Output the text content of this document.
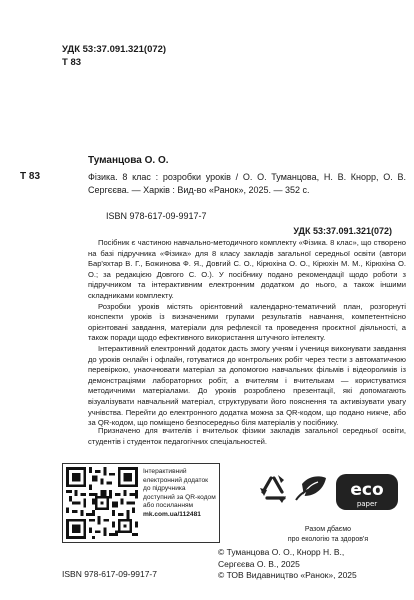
УДК 53:37.091.321(072)
Т 83
Туманцова О. О.
Т 83	Фізика. 8 клас : розробки уроків / О. О. Туманцова, Н. В. Кнорр, О. В. Сергєєва. — Харків : Вид-во «Ранок», 2025. — 352 с.
ISBN 978-617-09-9917-7
УДК 53:37.091.321(072)

Посібник є частиною навчально-методичного комплекту «Фізика. 8 клас», що створено на базі підручника «Фізика» для 8 класу закладів загальної середньої освіти (автори Бар'яхтар В. Г., Божинова Ф. Я., Довгий С. О., Кірюхіна О. О., Кірюхін М. М., Кірюхіна О. О.; за редакцією Довгого С. О.). У посібнику подано рекомендації щодо роботи з підручником та інтерактивним електронним додатком до нього, а також іншими складниками комплекту.

Розробки уроків містять орієнтовний календарно-тематичний план, розгорнуті конспекти уроків із визначеними групами результатів навчання, компетентнісно орієнтовані завдання, матеріали для рефлексії та проведення проєктної діяльності, а також поради щодо ефективного використання штучного інтелекту.

Інтерактивний електронний додаток дасть змогу учням і учениця виконувати завдання до уроків онлайн і офлайн, готуватися до контрольних робіт через тести з автоматичною перевіркою, унаочнювати матеріал за допомогою навчальних фільмів і відеороликів із демонстраціями лабораторних робіт, а вчителям і вчителькам — користуватися методичними матеріалами. До уроків розроблено презентації, які допомагають візуалізувати навчальний матеріал, структурувати його пояснення та активізувати увагу учнівства. Перейти до електронного додатка можна за QR-кодом, що подано нижче, або за QR-кодом, що поміщено безпосередньо біля матеріалів у посібнику.

Призначено для вчителів і вчительок фізики закладів загальної середньої освіти, студентів і студенток педагогічних спеціальностей.
Інтерактивний
електронний додаток
до підручника
доступний за QR-кодом
або посиланням
mk.com.ua/112481
eco
paper
Разом дбаємо
про екологію та здоров'я
© Туманцова О. О., Кнорр Н. В.,
Сергєєва О. В., 2025
ISBN 978-617-09-9917-7	© ТОВ Видавництво «Ранок», 2025
